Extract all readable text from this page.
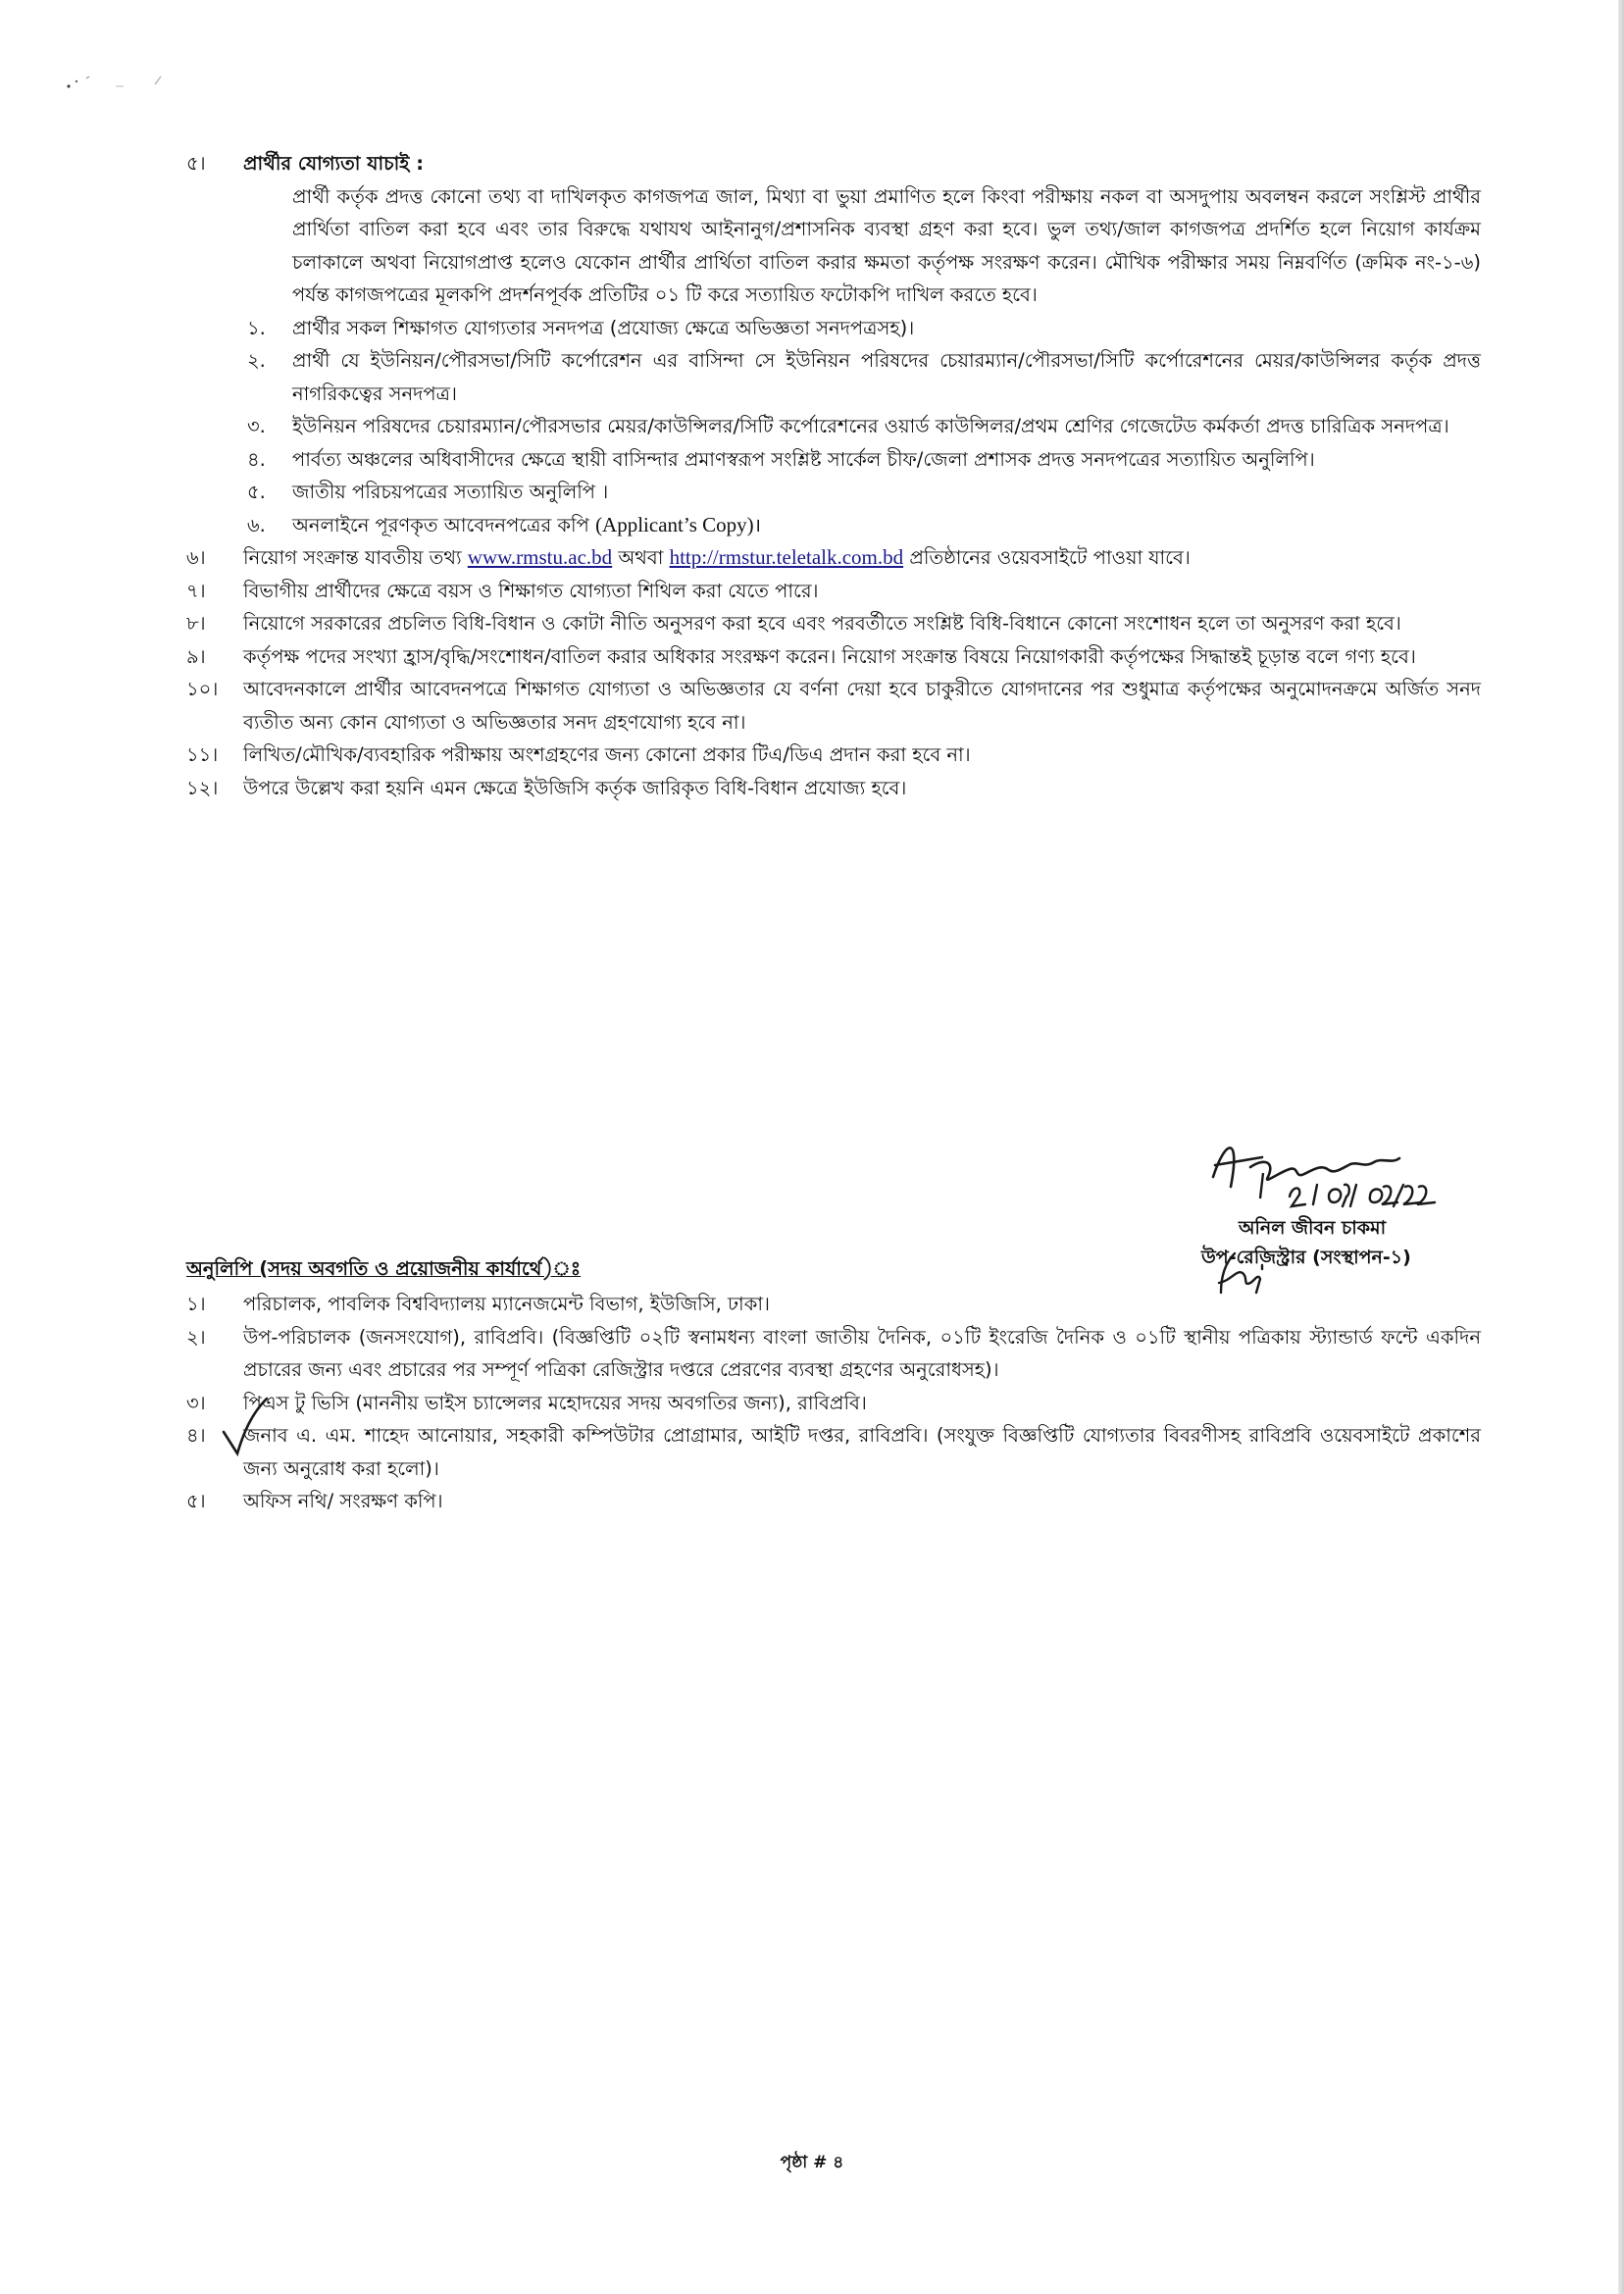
৫।	প্রার্থীর যোগ্যতা যাচাই :
প্রার্থী কর্তৃক প্রদত্ত কোনো তথ্য বা দাখিলকৃত কাগজপত্র জাল, মিথ্যা বা ভুয়া প্রমাণিত হলে কিংবা পরীক্ষায় নকল বা অসদুপায় অবলম্বন করলে সংশ্লিস্ট প্রার্থীর প্রার্থিতা বাতিল করা হবে এবং তার বিরুদ্ধে যথাযথ আইনানুগ/প্রশাসনিক ব্যবস্থা গ্রহণ করা হবে। ভুল তথ্য/জাল কাগজপত্র প্রদর্শিত হলে নিয়োগ কার্যক্রম চলাকালে অথবা নিয়োগপ্রাপ্ত হলেও যেকোন প্রার্থীর প্রার্থিতা বাতিল করার ক্ষমতা কর্তৃপক্ষ সংরক্ষণ করেন। মৌখিক পরীক্ষার সময় নিম্নবর্ণিত (ক্রমিক নং-১-৬) পর্যন্ত কাগজপত্রের মূলকপি প্রদর্শনপূর্বক প্রতিটির ০১ টি করে সত্যায়িত ফটোকপি দাখিল করতে হবে।
১.	প্রার্থীর সকল শিক্ষাগত যোগ্যতার সনদপত্র (প্রযোজ্য ক্ষেত্রে অভিজ্ঞতা সনদপত্রসহ)।
২.	প্রার্থী যে ইউনিয়ন/পৌরসভা/সিটি কর্পোরেশন এর বাসিন্দা সে ইউনিয়ন পরিষদের চেয়ারম্যান/পৌরসভা/সিটি কর্পোরেশনের মেয়র/কাউন্সিলর কর্তৃক প্রদত্ত নাগরিকত্বের সনদপত্র।
৩.	ইউনিয়ন পরিষদের চেয়ারম্যান/পৌরসভার মেয়র/কাউন্সিলর/সিটি কর্পোরেশনের ওয়ার্ড কাউন্সিলর/প্রথম শ্রেণির গেজেটেড কর্মকর্তা প্রদত্ত চারিত্রিক সনদপত্র।
৪.	পার্বত্য অঞ্চলের অধিবাসীদের ক্ষেত্রে স্থায়ী বাসিন্দার প্রমাণস্বরূপ সংশ্লিষ্ট সার্কেল চীফ/জেলা প্রশাসক প্রদত্ত সনদপত্রের সত্যায়িত অনুলিপি।
৫.	জাতীয় পরিচয়পত্রের সত্যায়িত অনুলিপি ।
৬.	অনলাইনে পূরণকৃত আবেদনপত্রের কপি (Applicant’s Copy)।
৬।	নিয়োগ সংক্রান্ত যাবতীয় তথ্য www.rmstu.ac.bd অথবা http://rmstur.teletalk.com.bd প্রতিষ্ঠানের ওয়েবসাইটে পাওয়া যাবে।
৭।	বিভাগীয় প্রার্থীদের ক্ষেত্রে বয়স ও শিক্ষাগত যোগ্যতা শিথিল করা যেতে পারে।
৮।	নিয়োগে সরকারের প্রচলিত বিধি-বিধান ও কোটা নীতি অনুসরণ করা হবে এবং পরবর্তীতে সংশ্লিষ্ট বিধি-বিধানে কোনো সংশোধন হলে তা অনুসরণ করা হবে।
৯।	কর্তৃপক্ষ পদের সংখ্যা হ্রাস/বৃদ্ধি/সংশোধন/বাতিল করার অধিকার সংরক্ষণ করেন। নিয়োগ সংক্রান্ত বিষয়ে নিয়োগকারী কর্তৃপক্ষের সিদ্ধান্তই চূড়ান্ত বলে গণ্য হবে।
১০।	আবেদনকালে প্রার্থীর আবেদনপত্রে শিক্ষাগত যোগ্যতা ও অভিজ্ঞতার যে বর্ণনা দেয়া হবে চাকুরীতে যোগদানের পর শুধুমাত্র কর্তৃপক্ষের অনুমোদনক্রমে অর্জিত সনদ ব্যতীত অন্য কোন যোগ্যতা ও অভিজ্ঞতার সনদ গ্রহণযোগ্য হবে না।
১১।	লিখিত/মৌখিক/ব্যবহারিক পরীক্ষায় অংশগ্রহণের জন্য কোনো প্রকার টিএ/ডিএ প্রদান করা হবে না।
১২।	উপরে উল্লেখ করা হয়নি এমন ক্ষেত্রে ইউজিসি কর্তৃক জারিকৃত বিধি-বিধান প্রযোজ্য হবে।
অনিল জীবন চাকমা
উপ-রেজিস্ট্রার (সংস্থাপন-১)
অনুলিপি (সদয় অবগতি ও প্রয়োজনীয় কার্যার্থে)ঃ
১।	পরিচালক, পাবলিক বিশ্ববিদ্যালয় ম্যানেজমেন্ট বিভাগ, ইউজিসি, ঢাকা।
২।	উপ-পরিচালক (জনসংযোগ), রাবিপ্রবি। (বিজ্ঞপ্তিটি ০২টি স্বনামধন্য বাংলা জাতীয় দৈনিক, ০১টি ইংরেজি দৈনিক ও ০১টি স্থানীয় পত্রিকায় স্ট্যান্ডার্ড ফন্টে একদিন প্রচারের জন্য এবং প্রচারের পর সম্পূর্ণ পত্রিকা রেজিস্ট্রার দপ্তরে প্রেরণের ব্যবস্থা গ্রহণের অনুরোধসহ)।
৩।	পিএস টু ভিসি (মাননীয় ভাইস চ্যান্সেলর মহোদয়ের সদয় অবগতির জন্য), রাবিপ্রবি।
৪।	জনাব এ. এম. শাহেদ আনোয়ার, সহকারী কম্পিউটার প্রোগ্রামার, আইটি দপ্তর, রাবিপ্রবি। (সংযুক্ত বিজ্ঞপ্তিটি যোগ্যতার বিবরণীসহ রাবিপ্রবি ওয়েবসাইটে প্রকাশের জন্য অনুরোধ করা হলো)।
৫।	অফিস নথি/ সংরক্ষণ কপি।
পৃষ্ঠা # ৪
